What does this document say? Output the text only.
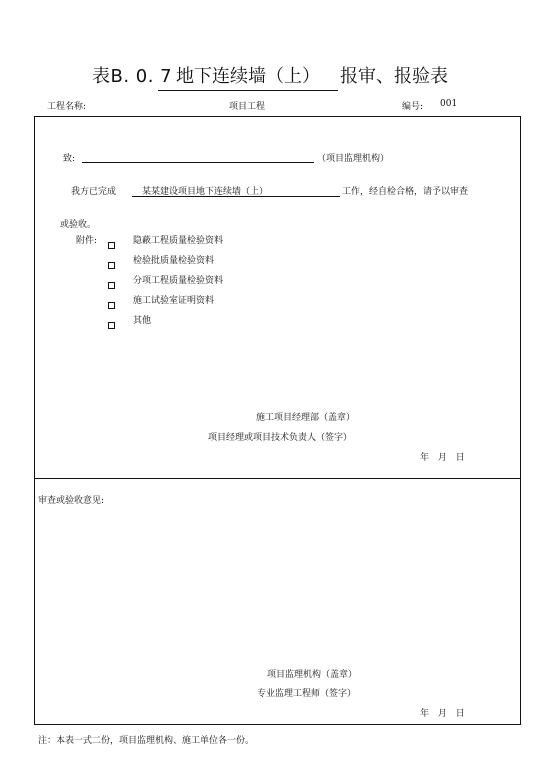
表B. 0. 7 地下连续墙（上）	报审、报验表
工程名称:	项目工程	编号: 001
致:	（项目监理机构）
我方已完成	某某建设项目地下连续墙（上）	工作，经自检合格，请予以审查
或验收。
附件:	隐蔽工程质量检验资料
检验批质量检验资料
分项工程质量检验资料
施工试验室证明资料
其他
施工项目经理部（盖章）
项目经理或项目技术负责人（签字）
年 月 日
审查或验收意见:
项目监理机构（盖章）
专业监理工程师（签字）
年 月 日
注：本表一式二份，项目监理机构、施工单位各一份。
